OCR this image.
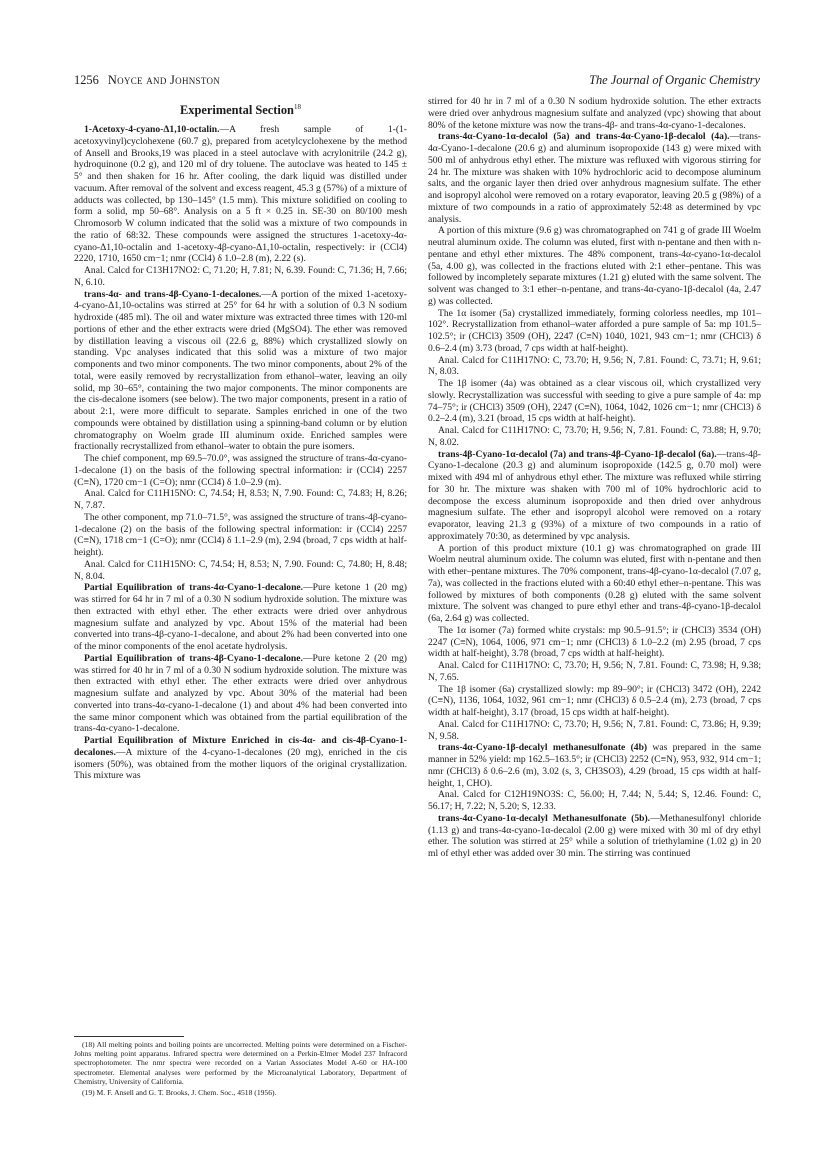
1256 Noyce and Johnston	The Journal of Organic Chemistry
Experimental Section$^{18}$

1-Acetoxy-4-cyano-Δ1,10-octalin.—A fresh sample of 1-(1-acetoxyvinyl)cyclohexene (60.7 g), prepared from acetylcyclohexene by the method of Ansell and Brooks,19 was placed in a steel autoclave with acrylonitrile (24.2 g), hydroquinone (0.2 g), and 120 ml of dry toluene. The autoclave was heated to 145 ± 5° and then shaken for 16 hr. After cooling, the dark liquid was distilled under vacuum. After removal of the solvent and excess reagent, 45.3 g (57%) of a mixture of adducts was collected, bp 130–145° (1.5 mm). This mixture solidified on cooling to form a solid, mp 50–68°. Analysis on a 5 ft × 0.25 in. SE-30 on 80/100 mesh Chromosorb W column indicated that the solid was a mixture of two compounds in the ratio of 68:32. These compounds were assigned the structures 1-acetoxy-4α-cyano-Δ1,10-octalin and 1-acetoxy-4β-cyano-Δ1,10-octalin, respectively: ir (CCl4) 2220, 1710, 1650 cm−1; nmr (CCl4) δ 1.0–2.8 (m), 2.22 (s).

Anal. Calcd for C13H17NO2: C, 71.20; H, 7.81; N, 6.39. Found: C, 71.36; H, 7.66; N, 6.10.

trans-4α- and trans-4β-Cyano-1-decalones.—A portion of the mixed 1-acetoxy-4-cyano-Δ1,10-octalins was stirred at 25° for 64 hr with a solution of 0.3 N sodium hydroxide (485 ml). The oil and water mixture was extracted three times with 120-ml portions of ether and the ether extracts were dried (MgSO4). The ether was removed by distillation leaving a viscous oil (22.6 g, 88%) which crystallized slowly on standing. Vpc analyses indicated that this solid was a mixture of two major components and two minor components. The two minor components, about 2% of the total, were easily removed by recrystallization from ethanol–water, leaving an oily solid, mp 30–65°, containing the two major components. The minor components are the cis-decalone isomers (see below). The two major components, present in a ratio of about 2:1, were more difficult to separate. Samples enriched in one of the two compounds were obtained by distillation using a spinning-band column or by elution chromatography on Woelm grade III aluminum oxide. Enriched samples were fractionally recrystallized from ethanol–water to obtain the pure isomers.

The chief component, mp 69.5–70.0°, was assigned the structure of trans-4α-cyano-1-decalone (1) on the basis of the following spectral information: ir (CCl4) 2257 (C≡N), 1720 cm−1 (C=O); nmr (CCl4) δ 1.0–2.9 (m).

Anal. Calcd for C11H15NO: C, 74.54; H, 8.53; N, 7.90. Found: C, 74.83; H, 8.26; N, 7.87.

The other component, mp 71.0–71.5°, was assigned the structure of trans-4β-cyano-1-decalone (2) on the basis of the following spectral information: ir (CCl4) 2257 (C≡N), 1718 cm−1 (C=O); nmr (CCl4) δ 1.1–2.9 (m), 2.94 (broad, 7 cps width at half-height).

Anal. Calcd for C11H15NO: C, 74.54; H, 8.53; N, 7.90. Found: C, 74.80; H, 8.48; N, 8.04.

Partial Equilibration of trans-4α-Cyano-1-decalone.—Pure ketone 1 (20 mg) was stirred for 64 hr in 7 ml of a 0.30 N sodium hydroxide solution. The mixture was then extracted with ethyl ether. The ether extracts were dried over anhydrous magnesium sulfate and analyzed by vpc. About 15% of the material had been converted into trans-4β-cyano-1-decalone, and about 2% had been converted into one of the minor components of the enol acetate hydrolysis.

Partial Equilibration of trans-4β-Cyano-1-decalone.—Pure ketone 2 (20 mg) was stirred for 40 hr in 7 ml of a 0.30 N sodium hydroxide solution. The mixture was then extracted with ethyl ether. The ether extracts were dried over anhydrous magnesium sulfate and analyzed by vpc. About 30% of the material had been converted into trans-4α-cyano-1-decalone (1) and about 4% had been converted into the same minor component which was obtained from the partial equilibration of the trans-4α-cyano-1-decalone.

Partial Equilibration of Mixture Enriched in cis-4α- and cis-4β-Cyano-1-decalones.—A mixture of the 4-cyano-1-decalones (20 mg), enriched in the cis isomers (50%), was obtained from the mother liquors of the original crystallization. This mixture was

stirred for 40 hr in 7 ml of a 0.30 N sodium hydroxide solution. The ether extracts were dried over anhydrous magnesium sulfate and analyzed (vpc) showing that about 80% of the ketone mixture was now the trans-4β- and trans-4α-cyano-1-decalones.

trans-4α-Cyano-1α-decalol (5a) and trans-4α-Cyano-1β-decalol (4a).—trans-4α-Cyano-1-decalone (20.6 g) and aluminum isopropoxide (143 g) were mixed with 500 ml of anhydrous ethyl ether. The mixture was refluxed with vigorous stirring for 24 hr. The mixture was shaken with 10% hydrochloric acid to decompose aluminum salts, and the organic layer then dried over anhydrous magnesium sulfate. The ether and isopropyl alcohol were removed on a rotary evaporator, leaving 20.5 g (98%) of a mixture of two compounds in a ratio of approximately 52:48 as determined by vpc analysis.

A portion of this mixture (9.6 g) was chromatographed on 741 g of grade III Woelm neutral aluminum oxide. The column was eluted, first with n-pentane and then with n-pentane and ethyl ether mixtures. The 48% component, trans-4α-cyano-1α-decalol (5a, 4.00 g), was collected in the fractions eluted with 2:1 ether–pentane. This was followed by incompletely separate mixtures (1.21 g) eluted with the same solvent. The solvent was changed to 3:1 ether–n-pentane, and trans-4α-cyano-1β-decalol (4a, 2.47 g) was collected.

The 1α isomer (5a) crystallized immediately, forming colorless needles, mp 101–102°. Recrystallization from ethanol–water afforded a pure sample of 5a: mp 101.5–102.5°; ir (CHCl3) 3509 (OH), 2247 (C≡N) 1040, 1021, 943 cm−1; nmr (CHCl3) δ 0.6–2.4 (m) 3.73 (broad, 7 cps width at half-height).

Anal. Calcd for C11H17NO: C, 73.70; H, 9.56; N, 7.81. Found: C, 73.71; H, 9.61; N, 8.03.

The 1β isomer (4a) was obtained as a clear viscous oil, which crystallized very slowly. Recrystallization was successful with seeding to give a pure sample of 4a: mp 74–75°; ir (CHCl3) 3509 (OH), 2247 (C≡N), 1064, 1042, 1026 cm−1; nmr (CHCl3) δ 0.2–2.4 (m), 3.21 (broad, 15 cps width at half-height).

Anal. Calcd for C11H17NO: C, 73.70; H, 9.56; N, 7.81. Found: C, 73.88; H, 9.70; N, 8.02.

trans-4β-Cyano-1α-decalol (7a) and trans-4β-Cyano-1β-decalol (6a).—trans-4β-Cyano-1-decalone (20.3 g) and aluminum isopropoxide (142.5 g, 0.70 mol) were mixed with 494 ml of anhydrous ethyl ether. The mixture was refluxed while stirring for 30 hr. The mixture was shaken with 700 ml of 10% hydrochloric acid to decompose the excess aluminum isopropoxide and then dried over anhydrous magnesium sulfate. The ether and isopropyl alcohol were removed on a rotary evaporator, leaving 21.3 g (93%) of a mixture of two compounds in a ratio of approximately 70:30, as determined by vpc analysis.

A portion of this product mixture (10.1 g) was chromatographed on grade III Woelm neutral aluminum oxide. The column was eluted, first with n-pentane and then with ether–pentane mixtures. The 70% component, trans-4β-cyano-1α-decalol (7.07 g, 7a), was collected in the fractions eluted with a 60:40 ethyl ether–n-pentane. This was followed by mixtures of both components (0.28 g) eluted with the same solvent mixture. The solvent was changed to pure ethyl ether and trans-4β-cyano-1β-decalol (6a, 2.64 g) was collected.

The 1α isomer (7a) formed white crystals: mp 90.5–91.5°; ir (CHCl3) 3534 (OH) 2247 (C≡N), 1064, 1006, 971 cm−1; nmr (CHCl3) δ 1.0–2.2 (m) 2.95 (broad, 7 cps width at half-height), 3.78 (broad, 7 cps width at half-height).

Anal. Calcd for C11H17NO: C, 73.70; H, 9.56; N, 7.81. Found: C, 73.98; H, 9.38; N, 7.65.

The 1β isomer (6a) crystallized slowly: mp 89–90°; ir (CHCl3) 3472 (OH), 2242 (C≡N), 1136, 1064, 1032, 961 cm−1; nmr (CHCl3) δ 0.5–2.4 (m), 2.73 (broad, 7 cps width at half-height), 3.17 (broad, 15 cps width at half-height).

Anal. Calcd for C11H17NO: C, 73.70; H, 9.56; N, 7.81. Found: C, 73.86; H, 9.39; N, 9.58.

trans-4α-Cyano-1β-decalyl methanesulfonate (4b) was prepared in the same manner in 52% yield: mp 162.5–163.5°; ir (CHCl3) 2252 (C≡N), 953, 932, 914 cm−1; nmr (CHCl3) δ 0.6–2.6 (m), 3.02 (s, 3, CH3SO3), 4.29 (broad, 15 cps width at half-height, 1, CHO).

Anal. Calcd for C12H19NO3S: C, 56.00; H, 7.44; N, 5.44; S, 12.46. Found: C, 56.17; H, 7.22; N, 5.20; S, 12.33.

trans-4α-Cyano-1α-decalyl Methanesulfonate (5b).—Methanesulfonyl chloride (1.13 g) and trans-4α-cyano-1α-decalol (2.00 g) were mixed with 30 ml of dry ethyl ether. The solution was stirred at 25° while a solution of triethylamine (1.02 g) in 20 ml of ethyl ether was added over 30 min. The stirring was continued

(18) All melting points and boiling points are uncorrected. Melting points were determined on a Fischer-Johns melting point apparatus. Infrared spectra were determined on a Perkin-Elmer Model 237 Infracord spectrophotometer. The nmr spectra were recorded on a Varian Associates Model A-60 or HA-100 spectrometer. Elemental analyses were performed by the Microanalytical Laboratory, Department of Chemistry, University of California.

(19) M. F. Ansell and G. T. Brooks, J. Chem. Soc., 4518 (1956).
